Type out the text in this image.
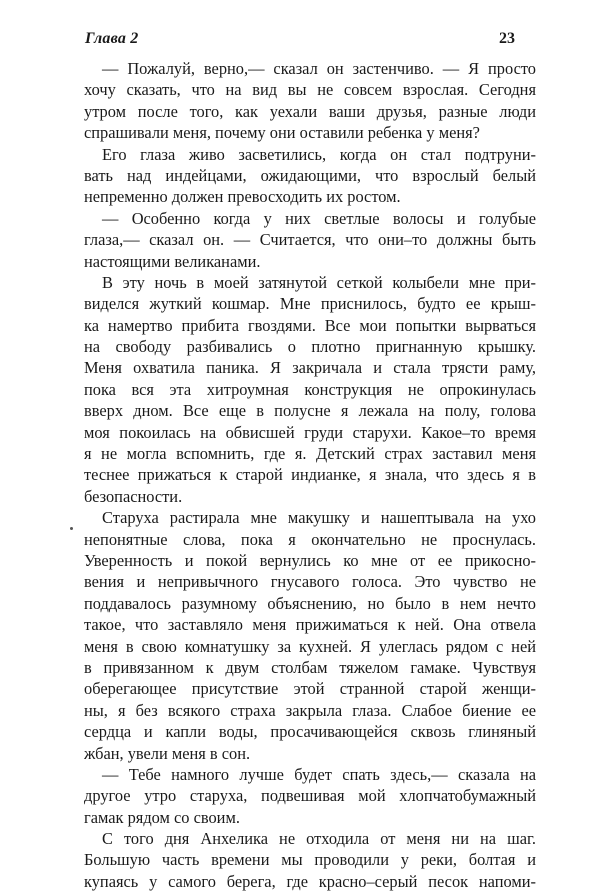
Глава 2	23
— Пожалуй, верно,— сказал он застенчиво. — Я просто
хочу сказать, что на вид вы не совсем взрослая. Сегодня
утром после того, как уехали ваши друзья, разные люди
спрашивали меня, почему они оставили ребенка у меня?
Его глаза живо засветились, когда он стал подтруни-
вать над индейцами, ожидающими, что взрослый белый
непременно должен превосходить их ростом.
— Особенно когда у них светлые волосы и голубые
глаза,— сказал он. — Считается, что они–то должны быть
настоящими великанами.
В эту ночь в моей затянутой сеткой колыбели мне при-
виделся жуткий кошмар. Мне приснилось, будто ее крыш-
ка намертво прибита гвоздями. Все мои попытки вырваться
на свободу разбивались о плотно пригнанную крышку.
Меня охватила паника. Я закричала и стала трясти раму,
пока вся эта хитроумная конструкция не опрокинулась
вверх дном. Все еще в полусне я лежала на полу, голова
моя покоилась на обвисшей груди старухи. Какое–то время
я не могла вспомнить, где я. Детский страх заставил меня
теснее прижаться к старой индианке, я знала, что здесь я в
безопасности.
Старуха растирала мне макушку и нашептывала на ухо
непонятные слова, пока я окончательно не проснулась.
Уверенность и покой вернулись ко мне от ее прикосно-
вения и непривычного гнусавого голоса. Это чувство не
поддавалось разумному объяснению, но было в нем нечто
такое, что заставляло меня прижиматься к ней. Она отвела
меня в свою комнатушку за кухней. Я улеглась рядом с ней
в привязанном к двум столбам тяжелом гамаке. Чувствуя
оберегающее присутствие этой странной старой женщи-
ны, я без всякого страха закрыла глаза. Слабое биение ее
сердца и капли воды, просачивающейся сквозь глиняный
жбан, увели меня в сон.
— Тебе намного лучше будет спать здесь,— сказала на
другое утро старуха, подвешивая мой хлопчатобумажный
гамак рядом со своим.
С того дня Анхелика не отходила от меня ни на шаг.
Большую часть времени мы проводили у реки, болтая и
купаясь у самого берега, где красно–серый песок напоми-
